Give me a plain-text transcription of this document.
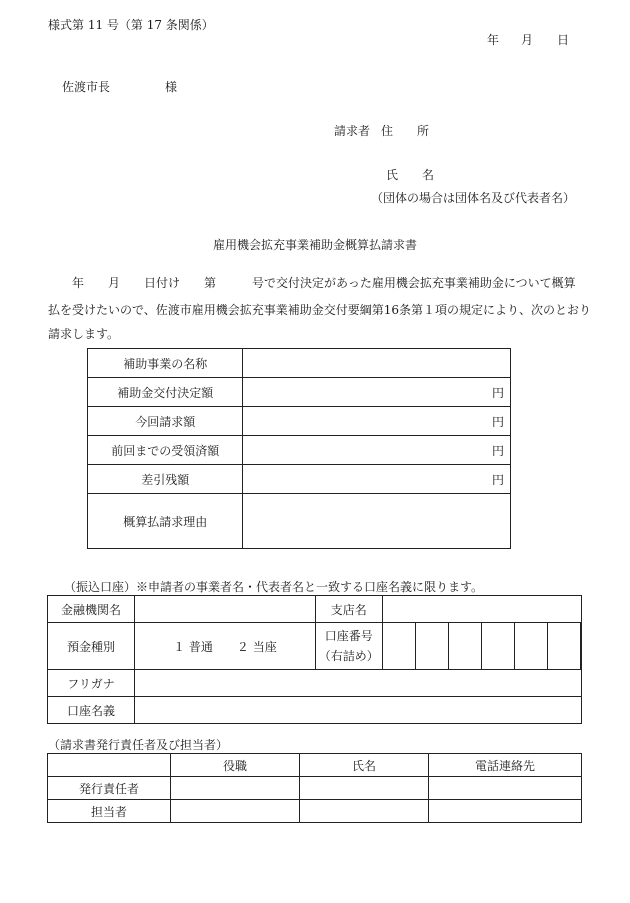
様式第 11 号（第 17 条関係）
年 月 日
佐渡市長	様
請求者 住　　所
氏　　名
（団体の場合は団体名及び代表者名）
雇用機会拡充事業補助金概算払請求書
年　　月　　日付け　　第　　　号で交付決定があった雇用機会拡充事業補助金について概算
払を受けたいので、佐渡市雇用機会拡充事業補助金交付要綱第16条第１項の規定により、次のとおり
請求します。
補助事業の名称	
補助金交付決定額	円
今回請求額	円
前回までの受領済額	円
差引残額	円
概算払請求理由	
（振込口座）※申請者の事業者名・代表者名と一致する口座名義に限ります。
金融機関名		支店名							
預金種別	１ 普通　　２ 当座	口座番号
（右詰め）							

フリガナ									
口座名義									
（請求書発行責任者及び担当者）
	役職	氏名	電話連絡先
発行責任者			
担当者			
